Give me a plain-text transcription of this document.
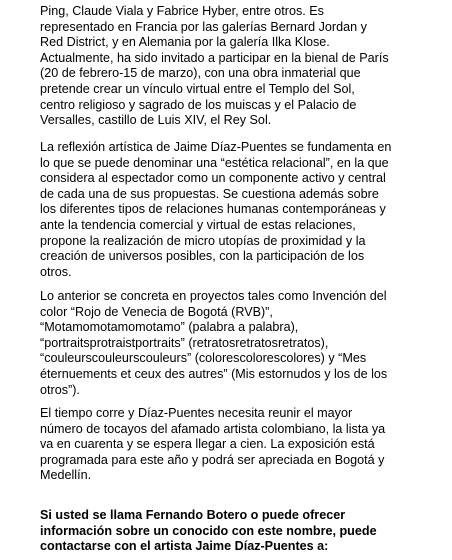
Ping, Claude Viala y Fabrice Hyber, entre otros. Es
representado en Francia por las galerías Bernard Jordan y
Red District, y en Alemania por la galería Ilka Klose.
Actualmente, ha sido invitado a participar en la bienal de París
(20 de febrero-15 de marzo), con una obra inmaterial que
pretende crear un vínculo virtual entre el Templo del Sol,
centro religioso y sagrado de los muiscas y el Palacio de
Versalles, castillo de Luis XIV, el Rey Sol.
La reflexión artística de Jaime Díaz-Puentes se fundamenta en
lo que se puede denominar una “estética relacional”, en la que
considera al espectador como un componente activo y central
de cada una de sus propuestas. Se cuestiona además sobre
los diferentes tipos de relaciones humanas contemporáneas y
ante la tendencia comercial y virtual de estas relaciones,
propone la realización de micro utopías de proximidad y la
creación de universos posibles, con la participación de los
otros.
Lo anterior se concreta en proyectos tales como Invención del
color “Rojo de Venecia de Bogotá (RVB)”,
“Motamomotamomotamo” (palabra a palabra),
“portraitsprotraistportraits” (retratosretratosretratos),
“couleurscouleurscouleurs” (colorescolorescolores) y “Mes
éternuements et ceux des autres” (Mis estornudos y los de los
otros”).
El tiempo corre y Díaz-Puentes necesita reunir el mayor
número de tocayos del afamado artista colombiano, la lista ya
va en cuarenta y se espera llegar a cien. La exposición está
programada para este año y podrá ser apreciada en Bogotá y
Medellín.
Si usted se llama Fernando Botero o puede ofrecer
información sobre un conocido con este nombre, puede
contactarse con el artista Jaime Díaz-Puentes a:
